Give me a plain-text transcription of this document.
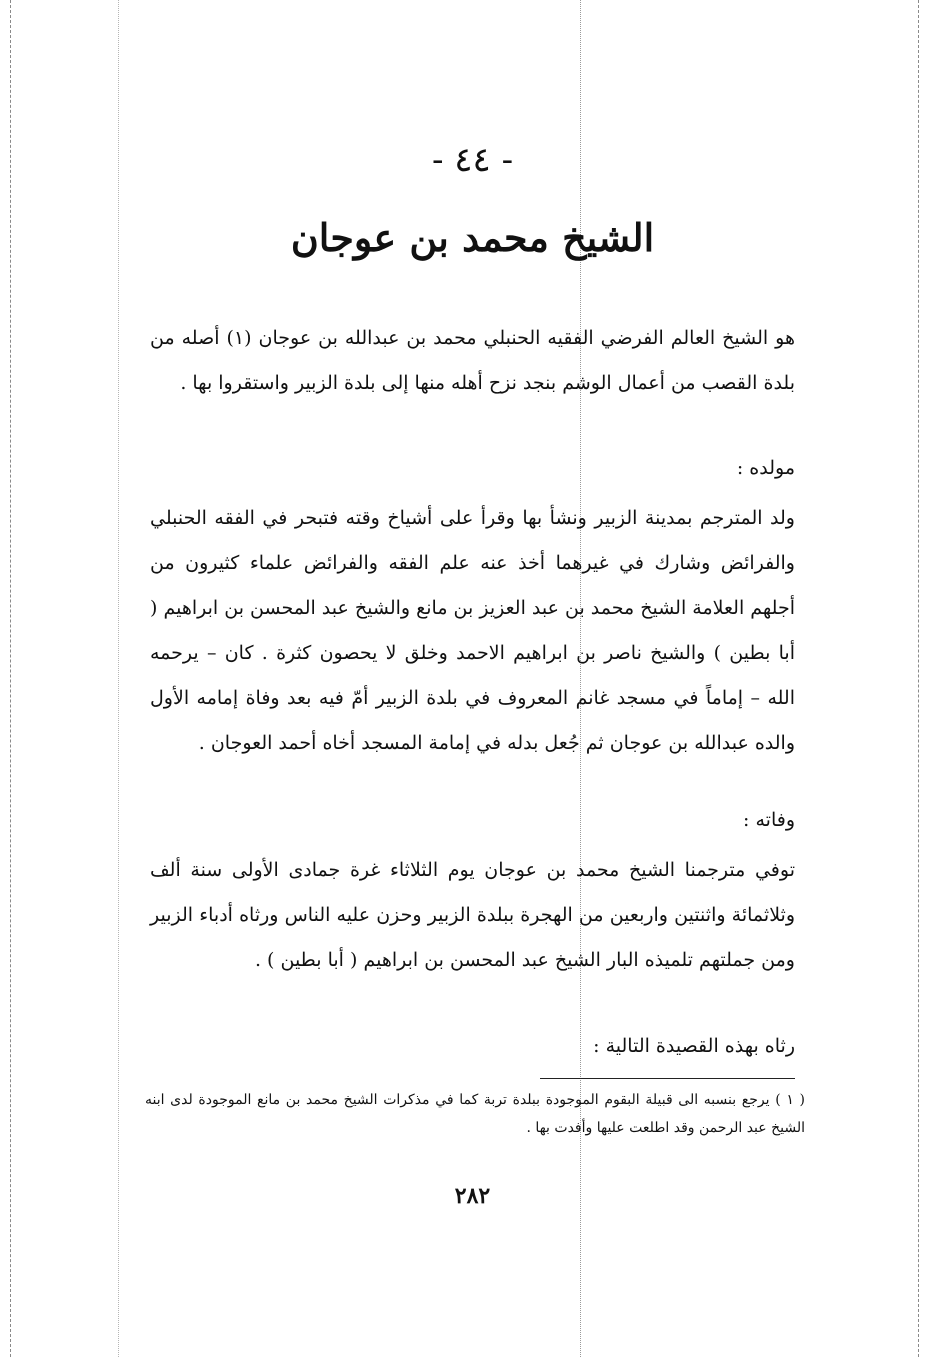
- ٤٤ -

الشيخ محمد بن عوجان

هو الشيخ العالم الفرضي الفقيه الحنبلي محمد بن عبدالله بن عوجان (١) أصله من بلدة القصب من أعمال الوشم بنجد نزح أهله منها إلى بلدة الزبير واستقروا بها .

مولده :

ولد المترجم بمدينة الزبير ونشأ بها وقرأ على أشياخ وقته فتبحر في الفقه الحنبلي والفرائض وشارك في غيرهما أخذ عنه علم الفقه والفرائض علماء كثيرون من أجلهم العلامة الشيخ محمد بن عبد العزيز بن مانع والشيخ عبد المحسن بن ابراهيم ( أبا بطين ) والشيخ ناصر بن ابراهيم الاحمد وخلق لا يحصون كثرة . كان – يرحمه الله – إماماً في مسجد غانم المعروف في بلدة الزبير أمّ فيه بعد وفاة إمامه الأول والده عبدالله بن عوجان ثم جُعل بدله في إمامة المسجد أخاه أحمد العوجان .

وفاته :

توفي مترجمنا الشيخ محمد بن عوجان يوم الثلاثاء غرة جمادى الأولى سنة ألف وثلاثمائة واثنتين واربعين من الهجرة ببلدة الزبير وحزن عليه الناس ورثاه أدباء الزبير ومن جملتهم تلميذه البار الشيخ عبد المحسن بن ابراهيم ( أبا بطين ) .

رثاه بهذه القصيدة التالية :

( ١ ) يرجع بنسبه الى قبيلة البقوم الموجودة ببلدة تربة كما في مذكرات الشيخ محمد بن مانع الموجودة لدى ابنه الشيخ عبد الرحمن وقد اطلعت عليها وأفدت بها .

٢٨٢
